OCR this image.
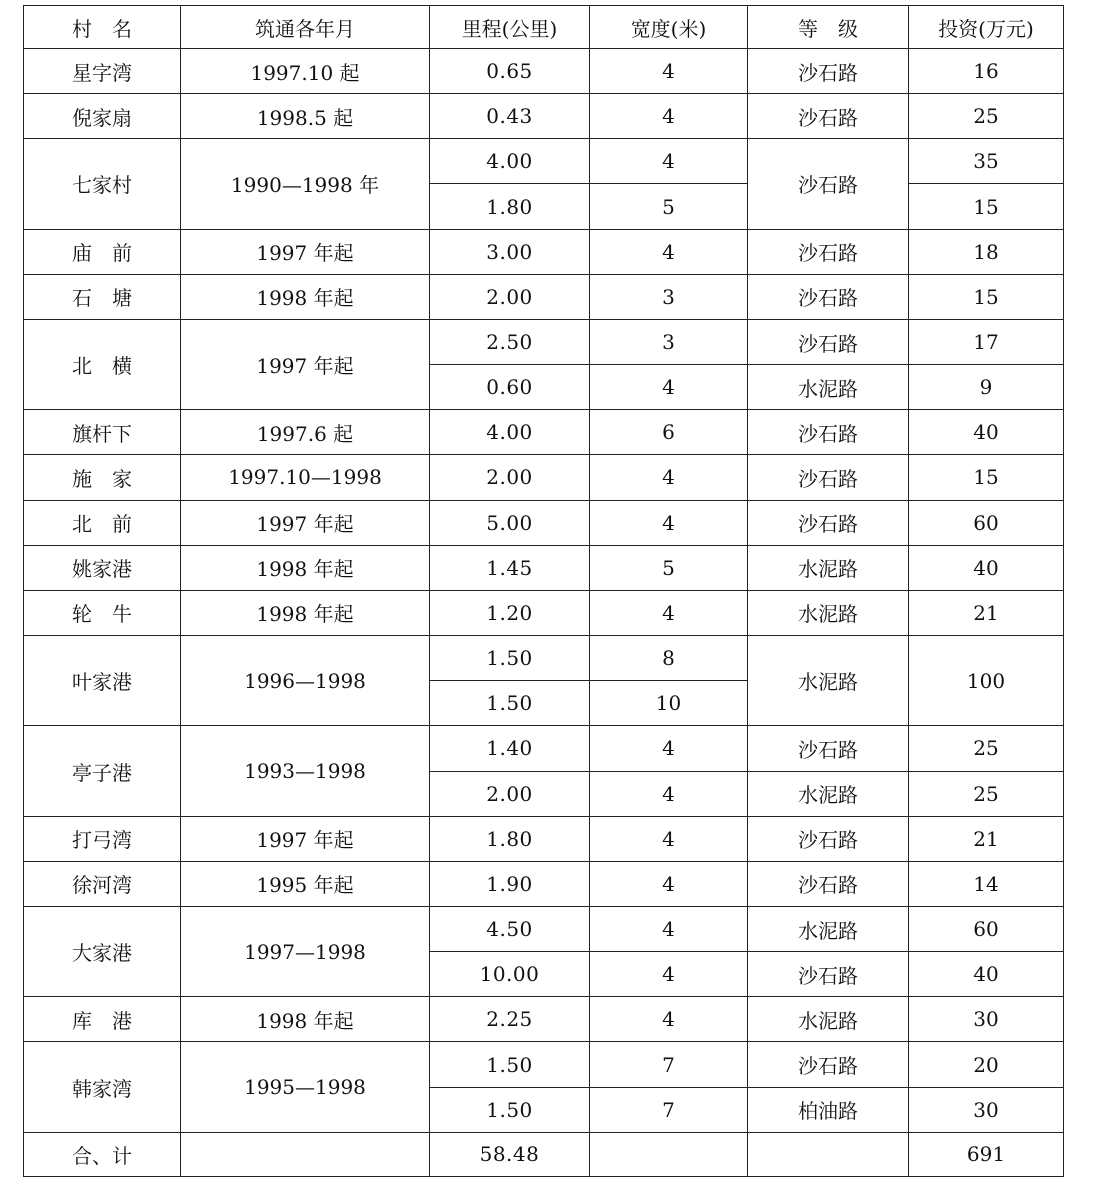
村　名	筑通各年月	里程(公里)	宽度(米)	等　级	投资(万元)
星字湾	1997.10 起	0.65	4	沙石路	16
倪家扇	1998.5 起	0.43	4	沙石路	25
七家村	1990—1998 年	4.00	4	沙石路	35
		1.80	5		15
庙　前	1997 年起	3.00	4	沙石路	18
石　塘	1998 年起	2.00	3	沙石路	15
北　横	1997 年起	2.50	3	沙石路	17
		0.60	4	水泥路	9
旗杆下	1997.6 起	4.00	6	沙石路	40
施　家	1997.10—1998	2.00	4	沙石路	15
北　前	1997 年起	5.00	4	沙石路	60
姚家港	1998 年起	1.45	5	水泥路	40
轮　牛	1998 年起	1.20	4	水泥路	21
叶家港	1996—1998	1.50	8	水泥路	100
		1.50	10		
亭子港	1993—1998	1.40	4	沙石路	25
		2.00	4	水泥路	25
打弓湾	1997 年起	1.80	4	沙石路	21
徐河湾	1995 年起	1.90	4	沙石路	14
大家港	1997—1998	4.50	4	水泥路	60
		10.00	4	沙石路	40
库　港	1998 年起	2.25	4	水泥路	30
韩家湾	1995—1998	1.50	7	沙石路	20
		1.50	7	柏油路	30
合、计		58.48			691
